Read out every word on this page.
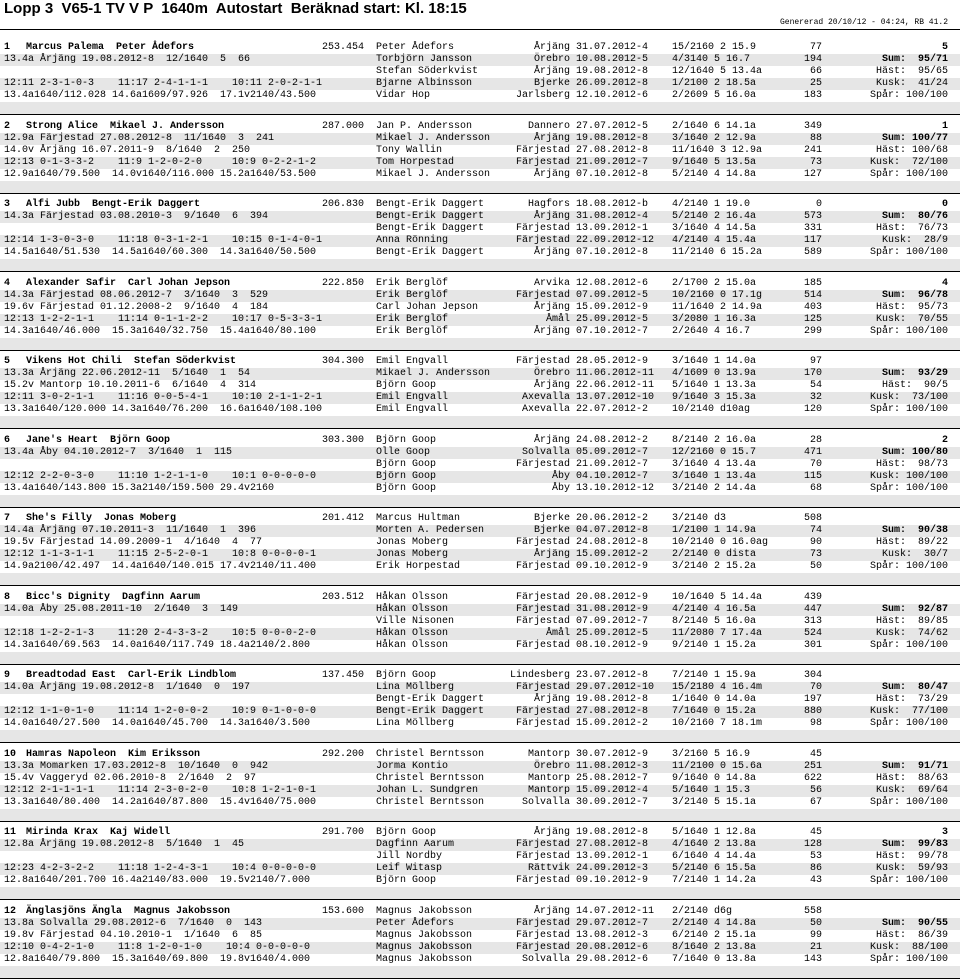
Lopp 3  V65-1 TV V P  1640m  Autostart  Beräknad start: Kl. 18:15
Genererad 20/10/12 - 04:24, RB 41.2
1 Marcus Palema Peter Ådefors	253.454 Peter Ådefors	Årjäng 31.07.2012-4 15/2160 2 15.9	77	5
13.4a Årjäng 19.08.2012-8  12/1640  5  66	Torbjörn Jansson	Örebro 10.08.2012-5 4/3140 5 16.7	194	Sum:  95/71
Stefan Söderkvist	Årjäng 19.08.2012-8 12/1640 5 13.4a	66	Häst:  95/65
12:11 2-3-1-0-3    11:17 2-4-1-1-1    10:11 2-0-2-1-1	Bjarne Albinsson	Bjerke 26.09.2012-8 1/2100 2 18.5a	25	Kusk:  41/24
13.4a1640/112.028 14.6a1609/97.926  17.1v2140/43.500	Vidar Hop	Jarlsberg 12.10.2012-6 2/2609 5 16.0a	183	Spår: 100/100
2 Strong Alice Mikael J. Andersson	287.000 Jan P. Andersson	Dannero 27.07.2012-5 2/1640 6 14.1a	349	1
12.9a Färjestad 27.08.2012-8  11/1640  3  241	Mikael J. Andersson	Årjäng 19.08.2012-8 3/1640 2 12.9a	88	Sum: 100/77
14.0v Årjäng 16.07.2011-9  8/1640  2  250	Tony Wallin	Färjestad 27.08.2012-8 11/1640 3 12.9a	241	Häst: 100/68
12:13 0-1-3-3-2    11:9 1-2-0-2-0     10:9 0-2-2-1-2	Tom Horpestad	Färjestad 21.09.2012-7 9/1640 5 13.5a	73	Kusk:  72/100
12.9a1640/79.500  14.0v1640/116.000 15.2a1640/53.500	Mikael J. Andersson	Årjäng 07.10.2012-8 5/2140 4 14.8a	127	Spår: 100/100
3 Alfi Jubb Bengt-Erik Daggert	206.830 Bengt-Erik Daggert	Hagfors 18.08.2012-b 4/2140 1 19.0	0	0
14.3a Färjestad 03.08.2010-3  9/1640  6  394	Bengt-Erik Daggert	Årjäng 31.08.2012-4 5/2140 2 16.4a	573	Sum:  80/76
Bengt-Erik Daggert	Färjestad 13.09.2012-1 3/1640 4 14.5a	331	Häst:  76/73
12:14 1-3-0-3-0    11:18 0-3-1-2-1    10:15 0-1-4-0-1	Anna Rönning	Färjestad 22.09.2012-12 4/2140 4 15.4a	117	Kusk:  28/9
14.5a1640/51.530  14.5a1640/60.300  14.3a1640/50.500	Bengt-Erik Daggert	Årjäng 07.10.2012-8 11/2140 6 15.2a	589	Spår: 100/100
4 Alexander Safir Carl Johan Jepson	222.850 Erik Berglöf	Arvika 12.08.2012-6 2/1700 2 15.0a	185	4
14.3a Färjestad 08.06.2012-7  3/1640  3  529	Erik Berglöf	Färjestad 07.09.2012-5 10/2160 0 17.1g	514	Sum:  96/78
19.6v Färjestad 01.12.2008-2  9/1640  4  184	Carl Johan Jepson	Årjäng 15.09.2012-9 11/1640 2 14.9a	403	Häst:  95/73
12:13 1-2-2-1-1    11:14 0-1-1-2-2    10:17 0-5-3-3-1	Erik Berglöf	Åmål 25.09.2012-5 3/2080 1 16.3a	125	Kusk:  70/55
14.3a1640/46.000  15.3a1640/32.750  15.4a1640/80.100	Erik Berglöf	Årjäng 07.10.2012-7 2/2640 4 16.7	299	Spår: 100/100
5 Vikens Hot Chili Stefan Söderkvist	304.300 Emil Engvall	Färjestad 28.05.2012-9 3/1640 1 14.0a	97
13.3a Årjäng 22.06.2012-11  5/1640  1  54	Mikael J. Andersson	Örebro 11.06.2012-11 4/1609 0 13.9a	170	Sum:  93/29
15.2v Mantorp 10.10.2011-6  6/1640  4  314	Björn Goop	Årjäng 22.06.2012-11 5/1640 1 13.3a	54	Häst:  90/5
12:11 3-0-2-1-1    11:16 0-0-5-4-1    10:10 2-1-1-2-1	Emil Engvall	Axevalla 13.07.2012-10 9/1640 3 15.3a	32	Kusk:  73/100
13.3a1640/120.000 14.3a1640/76.200  16.6a1640/108.100	Emil Engvall	Axevalla 22.07.2012-2 10/2140 d10ag	120	Spår: 100/100
6 Jane's Heart Björn Goop	303.300 Björn Goop	Årjäng 24.08.2012-2 8/2140 2 16.0a	28	2
13.4a Åby 04.10.2012-7  3/1640  1  115	Olle Goop	Solvalla 05.09.2012-7 12/2160 0 15.7	471	Sum: 100/80
Björn Goop	Färjestad 21.09.2012-7 3/1640 4 13.4a	70	Häst:  98/73
12:12 2-2-0-3-0    11:10 1-2-1-1-0    10:1 0-0-0-0-0	Björn Goop	Åby 04.10.2012-7 3/1640 1 13.4a	115	Kusk: 100/100
13.4a1640/143.800 15.3a2140/159.500 29.4v2160	Björn Goop	Åby 13.10.2012-12 3/2140 2 14.4a	68	Spår: 100/100
7 She's Filly Jonas Moberg	201.412 Marcus Hultman	Bjerke 20.06.2012-2 3/2140 d3	508
14.4a Årjäng 07.10.2011-3  11/1640  1  396	Morten A. Pedersen	Bjerke 04.07.2012-8 1/2100 1 14.9a	74	Sum:  90/38
19.5v Färjestad 14.09.2009-1  4/1640  4  77	Jonas Moberg	Färjestad 24.08.2012-8 10/2140 0 16.0ag	90	Häst:  89/22
12:12 1-1-3-1-1    11:15 2-5-2-0-1    10:8 0-0-0-0-1	Jonas Moberg	Årjäng 15.09.2012-2 2/2140 0 dista	73	Kusk:  30/7
14.9a2100/42.497  14.4a1640/140.015 17.4v2140/11.400	Erik Horpestad	Färjestad 09.10.2012-9 3/2140 2 15.2a	50	Spår: 100/100
8 Bicc's Dignity Dagfinn Aarum	203.512 Håkan Olsson	Färjestad 20.08.2012-9 10/1640 5 14.4a	439
14.0a Åby 25.08.2011-10  2/1640  3  149	Håkan Olsson	Färjestad 31.08.2012-9 4/2140 4 16.5a	447	Sum:  92/87
Ville Nisonen	Färjestad 07.09.2012-7 8/2140 5 16.0a	313	Häst:  89/85
12:18 1-2-2-1-3    11:20 2-4-3-3-2    10:5 0-0-0-2-0	Håkan Olsson	Åmål 25.09.2012-5 11/2080 7 17.4a	524	Kusk:  74/62
14.3a1640/69.563  14.0a1640/117.749 18.4a2140/2.800	Håkan Olsson	Färjestad 08.10.2012-9 9/2140 1 15.2a	301	Spår: 100/100
9 Breadtodad East Carl-Erik Lindblom	137.450 Björn Goop	Lindesberg 23.07.2012-8 7/2140 1 15.9a	304
14.0a Årjäng 19.08.2012-8  1/1640  0  197	Lina Möllberg	Färjestad 29.07.2012-10 15/2180 4 16.4m	70	Sum:  80/47
Bengt-Erik Daggert	Årjäng 19.08.2012-8 1/1640 0 14.0a	197	Häst:  73/29
12:12 1-1-0-1-0    11:14 1-2-0-0-2    10:9 0-1-0-0-0	Bengt-Erik Daggert	Färjestad 27.08.2012-8 7/1640 0 15.2a	880	Kusk:  77/100
14.0a1640/27.500  14.0a1640/45.700  14.3a1640/3.500	Lina Möllberg	Färjestad 15.09.2012-2 10/2160 7 18.1m	98	Spår: 100/100
10 Hamras Napoleon Kim Eriksson	292.200 Christel Berntsson	Mantorp 30.07.2012-9 3/2160 5 16.9	45
13.3a Momarken 17.03.2012-8  10/1640  0  942	Jorma Kontio	Örebro 11.08.2012-3 11/2100 0 15.6a	251	Sum:  91/71
15.4v Vaggeryd 02.06.2010-8  2/1640  2  97	Christel Berntsson	Mantorp 25.08.2012-7 9/1640 0 14.8a	622	Häst:  88/63
12:12 2-1-1-1-1    11:14 2-3-0-2-0    10:8 1-2-1-0-1	Johan L. Sundgren	Mantorp 15.09.2012-4 5/1640 1 15.3	56	Kusk:  69/64
13.3a1640/80.400  14.2a1640/87.800  15.4v1640/75.000	Christel Berntsson	Solvalla 30.09.2012-7 3/2140 5 15.1a	67	Spår: 100/100
11 Mirinda Krax Kaj Widell	291.700 Björn Goop	Årjäng 19.08.2012-8 5/1640 1 12.8a	45	3
12.8a Årjäng 19.08.2012-8  5/1640  1  45	Dagfinn Aarum	Färjestad 27.08.2012-8 4/1640 2 13.8a	128	Sum:  99/83
Jill Nordby	Färjestad 13.09.2012-1 6/1640 4 14.4a	53	Häst:  99/78
12:23 4-2-3-2-2    11:18 1-2-4-3-1    10:4 0-0-0-0-0	Leif Witasp	Rättvik 24.09.2012-3 5/2140 6 15.5a	86	Kusk:  59/93
12.8a1640/201.700 16.4a2140/83.000  19.5v2140/7.000	Björn Goop	Färjestad 09.10.2012-9 7/2140 1 14.2a	43	Spår: 100/100
12 Änglasjöns Ängla Magnus Jakobsson	153.600 Magnus Jakobsson	Årjäng 14.07.2012-11 2/2140 d6g	558
13.8a Solvalla 29.08.2012-6  7/1640  0  143	Peter Ådefors	Färjestad 29.07.2012-7 2/2140 4 14.8a	50	Sum:  90/55
19.8v Färjestad 04.10.2010-1  1/1640  6  85	Magnus Jakobsson	Färjestad 13.08.2012-3 6/2140 2 15.1a	99	Häst:  86/39
12:10 0-4-2-1-0    11:8 1-2-0-1-0    10:4 0-0-0-0-0	Magnus Jakobsson	Färjestad 20.08.2012-6 8/1640 2 13.8a	21	Kusk:  88/100
12.8a1640/79.800  15.3a1640/69.800  19.8v1640/4.000	Magnus Jakobsson	Solvalla 29.08.2012-6 7/1640 0 13.8a	143	Spår: 100/100
